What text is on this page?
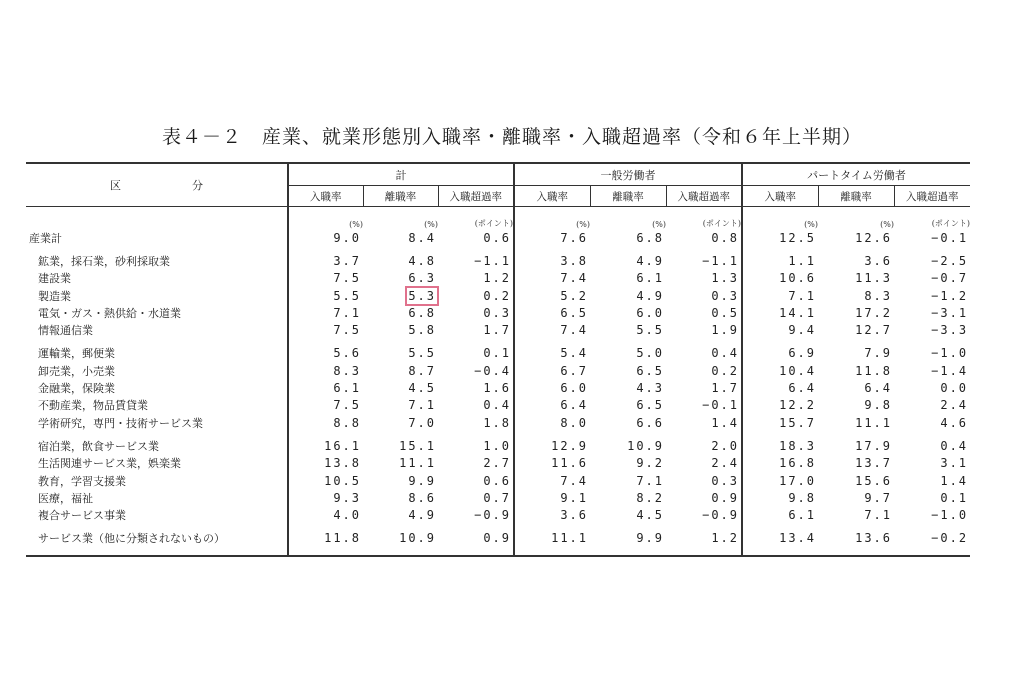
表４－２　産業、就業形態別入職率・離職率・入職超過率（令和６年上半期）
区　分	計			一般労働者			パートタイム労働者		
	入職率	離職率	入職超過率	入職率	離職率	入職超過率	入職率	離職率	入職超過率
	(%)	(%)	(ポイント)	(%)	(%)	(ポイント)	(%)	(%)	(ポイント)
産業計	9.0	8.4	0.6	7.6	6.8	0.8	12.5	12.6	−0.1

鉱業，採石業，砂利採取業	3.7	4.8	−1.1	3.8	4.9	−1.1	1.1	3.6	−2.5
建設業	7.5	6.3	1.2	7.4	6.1	1.3	10.6	11.3	−0.7
製造業	5.5	5.3	0.2	5.2	4.9	0.3	7.1	8.3	−1.2
電気・ガス・熱供給・水道業	7.1	6.8	0.3	6.5	6.0	0.5	14.1	17.2	−3.1
情報通信業	7.5	5.8	1.7	7.4	5.5	1.9	9.4	12.7	−3.3

運輸業，郵便業	5.6	5.5	0.1	5.4	5.0	0.4	6.9	7.9	−1.0
卸売業，小売業	8.3	8.7	−0.4	6.7	6.5	0.2	10.4	11.8	−1.4
金融業，保険業	6.1	4.5	1.6	6.0	4.3	1.7	6.4	6.4	0.0
不動産業，物品賃貸業	7.5	7.1	0.4	6.4	6.5	−0.1	12.2	9.8	2.4
学術研究，専門・技術サービス業	8.8	7.0	1.8	8.0	6.6	1.4	15.7	11.1	4.6

宿泊業，飲食サービス業	16.1	15.1	1.0	12.9	10.9	2.0	18.3	17.9	0.4
生活関連サービス業，娯楽業	13.8	11.1	2.7	11.6	9.2	2.4	16.8	13.7	3.1
教育，学習支援業	10.5	9.9	0.6	7.4	7.1	0.3	17.0	15.6	1.4
医療，福祉	9.3	8.6	0.7	9.1	8.2	0.9	9.8	9.7	0.1
複合サービス事業	4.0	4.9	−0.9	3.6	4.5	−0.9	6.1	7.1	−1.0

サービス業（他に分類されないもの）	11.8	10.9	0.9	11.1	9.9	1.2	13.4	13.6	−0.2
